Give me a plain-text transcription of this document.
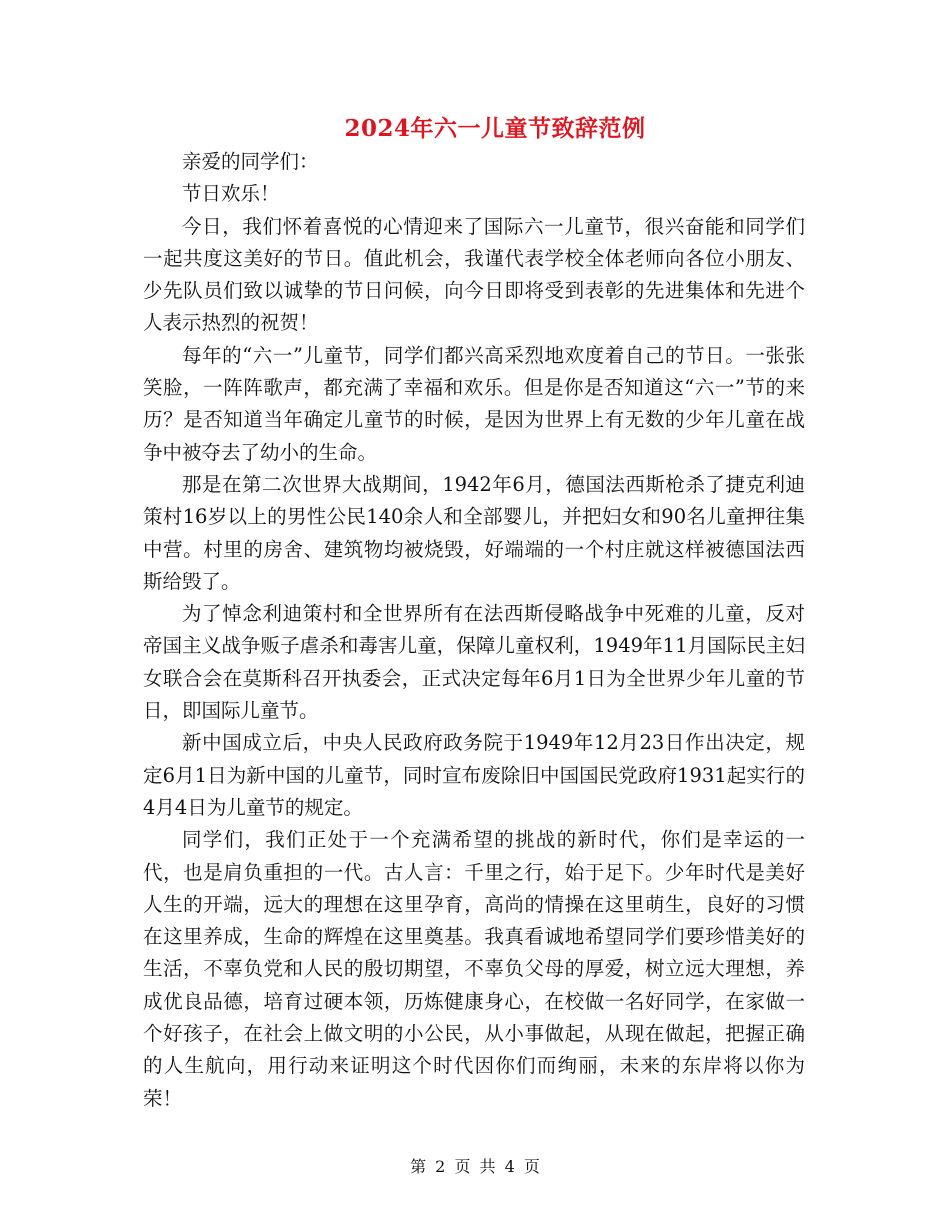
2024年六一儿童节致辞范例

亲爱的同学们：

节日欢乐！

今日，我们怀着喜悦的心情迎来了国际六一儿童节，很兴奋能和同学们一起共度这美好的节日。值此机会，我谨代表学校全体老师向各位小朋友、少先队员们致以诚挚的节日问候，向今日即将受到表彰的先进集体和先进个人表示热烈的祝贺！

每年的“六一”儿童节，同学们都兴高采烈地欢度着自己的节日。一张张笑脸，一阵阵歌声，都充满了幸福和欢乐。但是你是否知道这“六一”节的来历？是否知道当年确定儿童节的时候，是因为世界上有无数的少年儿童在战争中被夺去了幼小的生命。

那是在第二次世界大战期间，1942年6月，德国法西斯枪杀了捷克利迪策村16岁以上的男性公民140余人和全部婴儿，并把妇女和90名儿童押往集中营。村里的房舍、建筑物均被烧毁，好端端的一个村庄就这样被德国法西斯给毁了。

为了悼念利迪策村和全世界所有在法西斯侵略战争中死难的儿童，反对帝国主义战争贩子虐杀和毒害儿童，保障儿童权利，1949年11月国际民主妇女联合会在莫斯科召开执委会，正式决定每年6月1日为全世界少年儿童的节日，即国际儿童节。

新中国成立后，中央人民政府政务院于1949年12月23日作出决定，规定6月1日为新中国的儿童节，同时宣布废除旧中国国民党政府1931起实行的4月4日为儿童节的规定。

同学们，我们正处于一个充满希望的挑战的新时代，你们是幸运的一代，也是肩负重担的一代。古人言：千里之行，始于足下。少年时代是美好人生的开端，远大的理想在这里孕育，高尚的情操在这里萌生，良好的习惯在这里养成，生命的辉煌在这里奠基。我真看诚地希望同学们要珍惜美好的生活，不辜负党和人民的殷切期望，不辜负父母的厚爱，树立远大理想，养成优良品德，培育过硬本领，历炼健康身心，在校做一名好同学，在家做一个好孩子，在社会上做文明的小公民，从小事做起，从现在做起，把握正确的人生航向，用行动来证明这个时代因你们而绚丽，未来的东岸将以你为荣！

第 2 页 共 4 页
